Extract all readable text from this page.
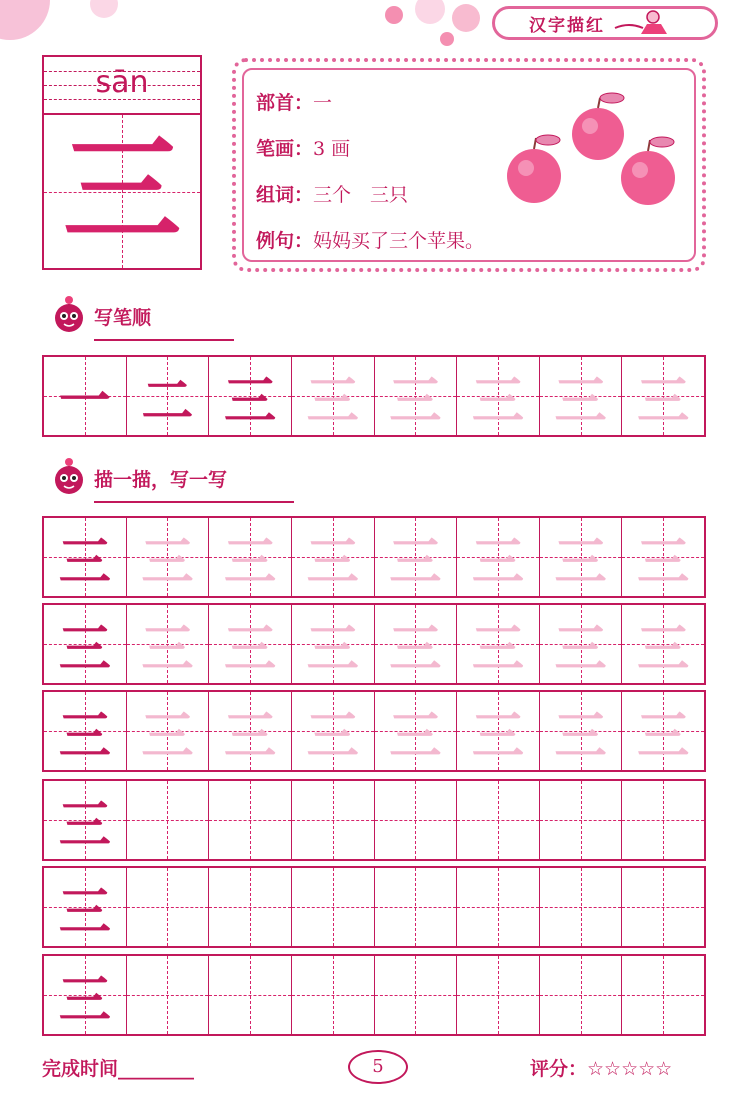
汉字描红
sān
三
部首：一
笔画：3 画
组词：三个　三只
例句：妈妈买了三个苹果。
写笔顺
一 二 三 三 三 三 三 三
描一描，写一写
三 三 三 三 三 三 三 三
三 三 三 三 三 三 三 三
三 三 三 三 三 三 三 三
三
三
三
完成时间________	5	评分：☆☆☆☆☆
